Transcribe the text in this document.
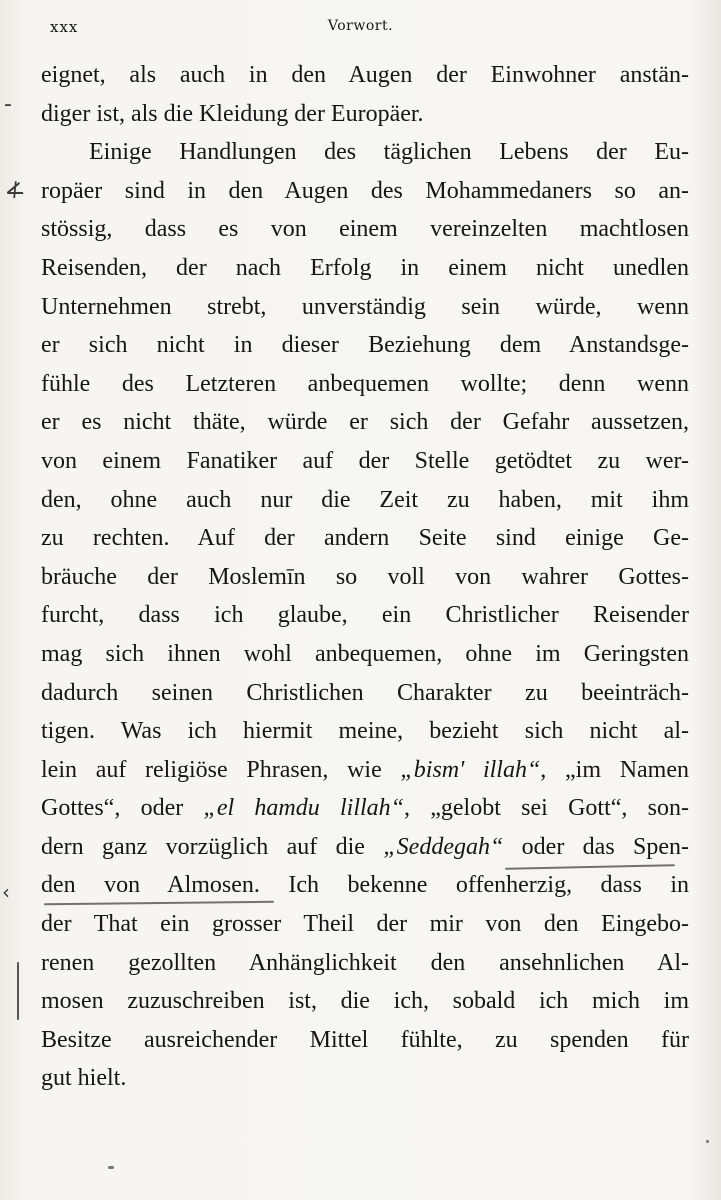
xxx	Vorwort.
-
≮
‹
eignet, als auch in den Augen der Einwohner anstän-
diger ist, als die Kleidung der Europäer.
Einige Handlungen des täglichen Lebens der Eu-
ropäer sind in den Augen des Mohammedaners so an-
stössig, dass es von einem vereinzelten machtlosen
Reisenden, der nach Erfolg in einem nicht unedlen
Unternehmen strebt, unverständig sein würde, wenn
er sich nicht in dieser Beziehung dem Anstandsge-
fühle des Letzteren anbequemen wollte; denn wenn
er es nicht thäte, würde er sich der Gefahr aussetzen,
von einem Fanatiker auf der Stelle getödtet zu wer-
den, ohne auch nur die Zeit zu haben, mit ihm
zu rechten. Auf der andern Seite sind einige Ge-
bräuche der Moslemīn so voll von wahrer Gottes-
furcht, dass ich glaube, ein Christlicher Reisender
mag sich ihnen wohl anbequemen, ohne im Geringsten
dadurch seinen Christlichen Charakter zu beeinträch-
tigen. Was ich hiermit meine, bezieht sich nicht al-
lein auf religiöse Phrasen, wie „bism' illah“, „im Namen
Gottes“, oder „el hamdu lillah“, „gelobt sei Gott“, son-
dern ganz vorzüglich auf die „Seddegah“ oder das Spen-
den von Almosen. Ich bekenne offenherzig, dass in
der That ein grosser Theil der mir von den Eingebo-
renen gezollten Anhänglichkeit den ansehnlichen Al-
mosen zuzuschreiben ist, die ich, sobald ich mich im
Besitze ausreichender Mittel fühlte, zu spenden für
gut hielt.
